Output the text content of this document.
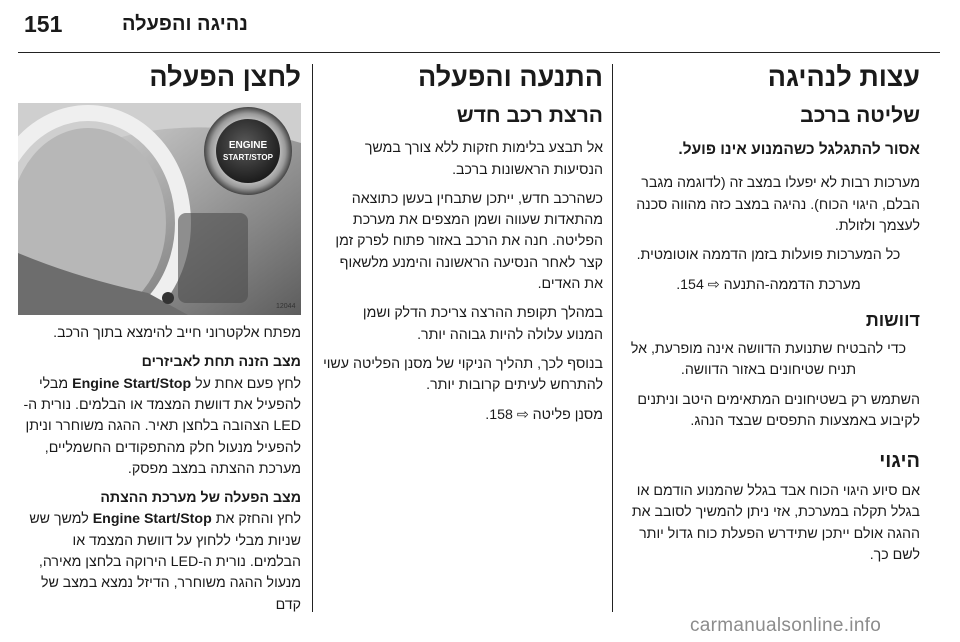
151	נהיגה והפעלה
עצות לנהיגה
שליטה ברכב

אסור להתגלגל כשהמנוע אינו פועל.

מערכות רבות לא יפעלו במצב זה (לדוגמה מגבר הבלם, היגוי הכוח). נהיגה במצב כזה מהווה סכנה לעצמך ולזולת.

כל המערכות פועלות בזמן הדממה אוטומטית.

מערכת הדממה-התנעה ⇨ 154.

דוושות

כדי להבטיח שתנועת הדוושה אינה מופרעת, אל תניח שטיחונים באזור הדוושה.

השתמש רק בשטיחונים המתאימים היטב וניתנים לקיבוע באמצעות התפסים שבצד הנהג.

היגוי

אם סיוע היגוי הכוח אבד בגלל שהמנוע הודמם או בגלל תקלה במערכת, אזי ניתן להמשיך לסובב את ההגה אולם ייתכן שתידרש הפעלת כוח גדול יותר לשם כך.

התנעה והפעלה
הרצת רכב חדש

אל תבצע בלימות חזקות ללא צורך במשך הנסיעות הראשונות ברכב.

כשהרכב חדש, ייתכן שתבחין בעשן כתוצאה מהתאדות שעווה ושמן המצפים את מערכת הפליטה. חנה את הרכב באזור פתוח לפרק זמן קצר לאחר הנסיעה הראשונה והימנע מלשאוף את האדים.

במהלך תקופת ההרצה צריכת הדלק ושמן המנוע עלולה להיות גבוהה יותר.

בנוסף לכך, תהליך הניקוי של מסנן הפליטה עשוי להתרחש לעיתים קרובות יותר.

מסנן פליטה ⇨ 158.

לחצן הפעלה
ENGINE
START/STOP
12044

מפתח אלקטרוני חייב להימצא בתוך הרכב.

מצב הזנה תחת לאביזרים

לחץ פעם אחת על Engine Start/Stop מבלי להפעיל את דוושת המצמד או הבלמים. נורית ה-LED הצהובה בלחצן תאיר. ההגה משוחרר וניתן להפעיל מנעול חלק מהתפקודים החשמליים, מערכת ההצתה במצב מפסק.

מצב הפעלה של מערכת ההצתה

לחץ והחזק את Engine Start/Stop למשך שש שניות מבלי ללחוץ על דוושת המצמד או הבלמים. נורית ה-LED הירוקה בלחצן מאירה, מנעול ההגה משוחרר, הדיזל נמצא במצב של קדם

carmanualsonline.info
